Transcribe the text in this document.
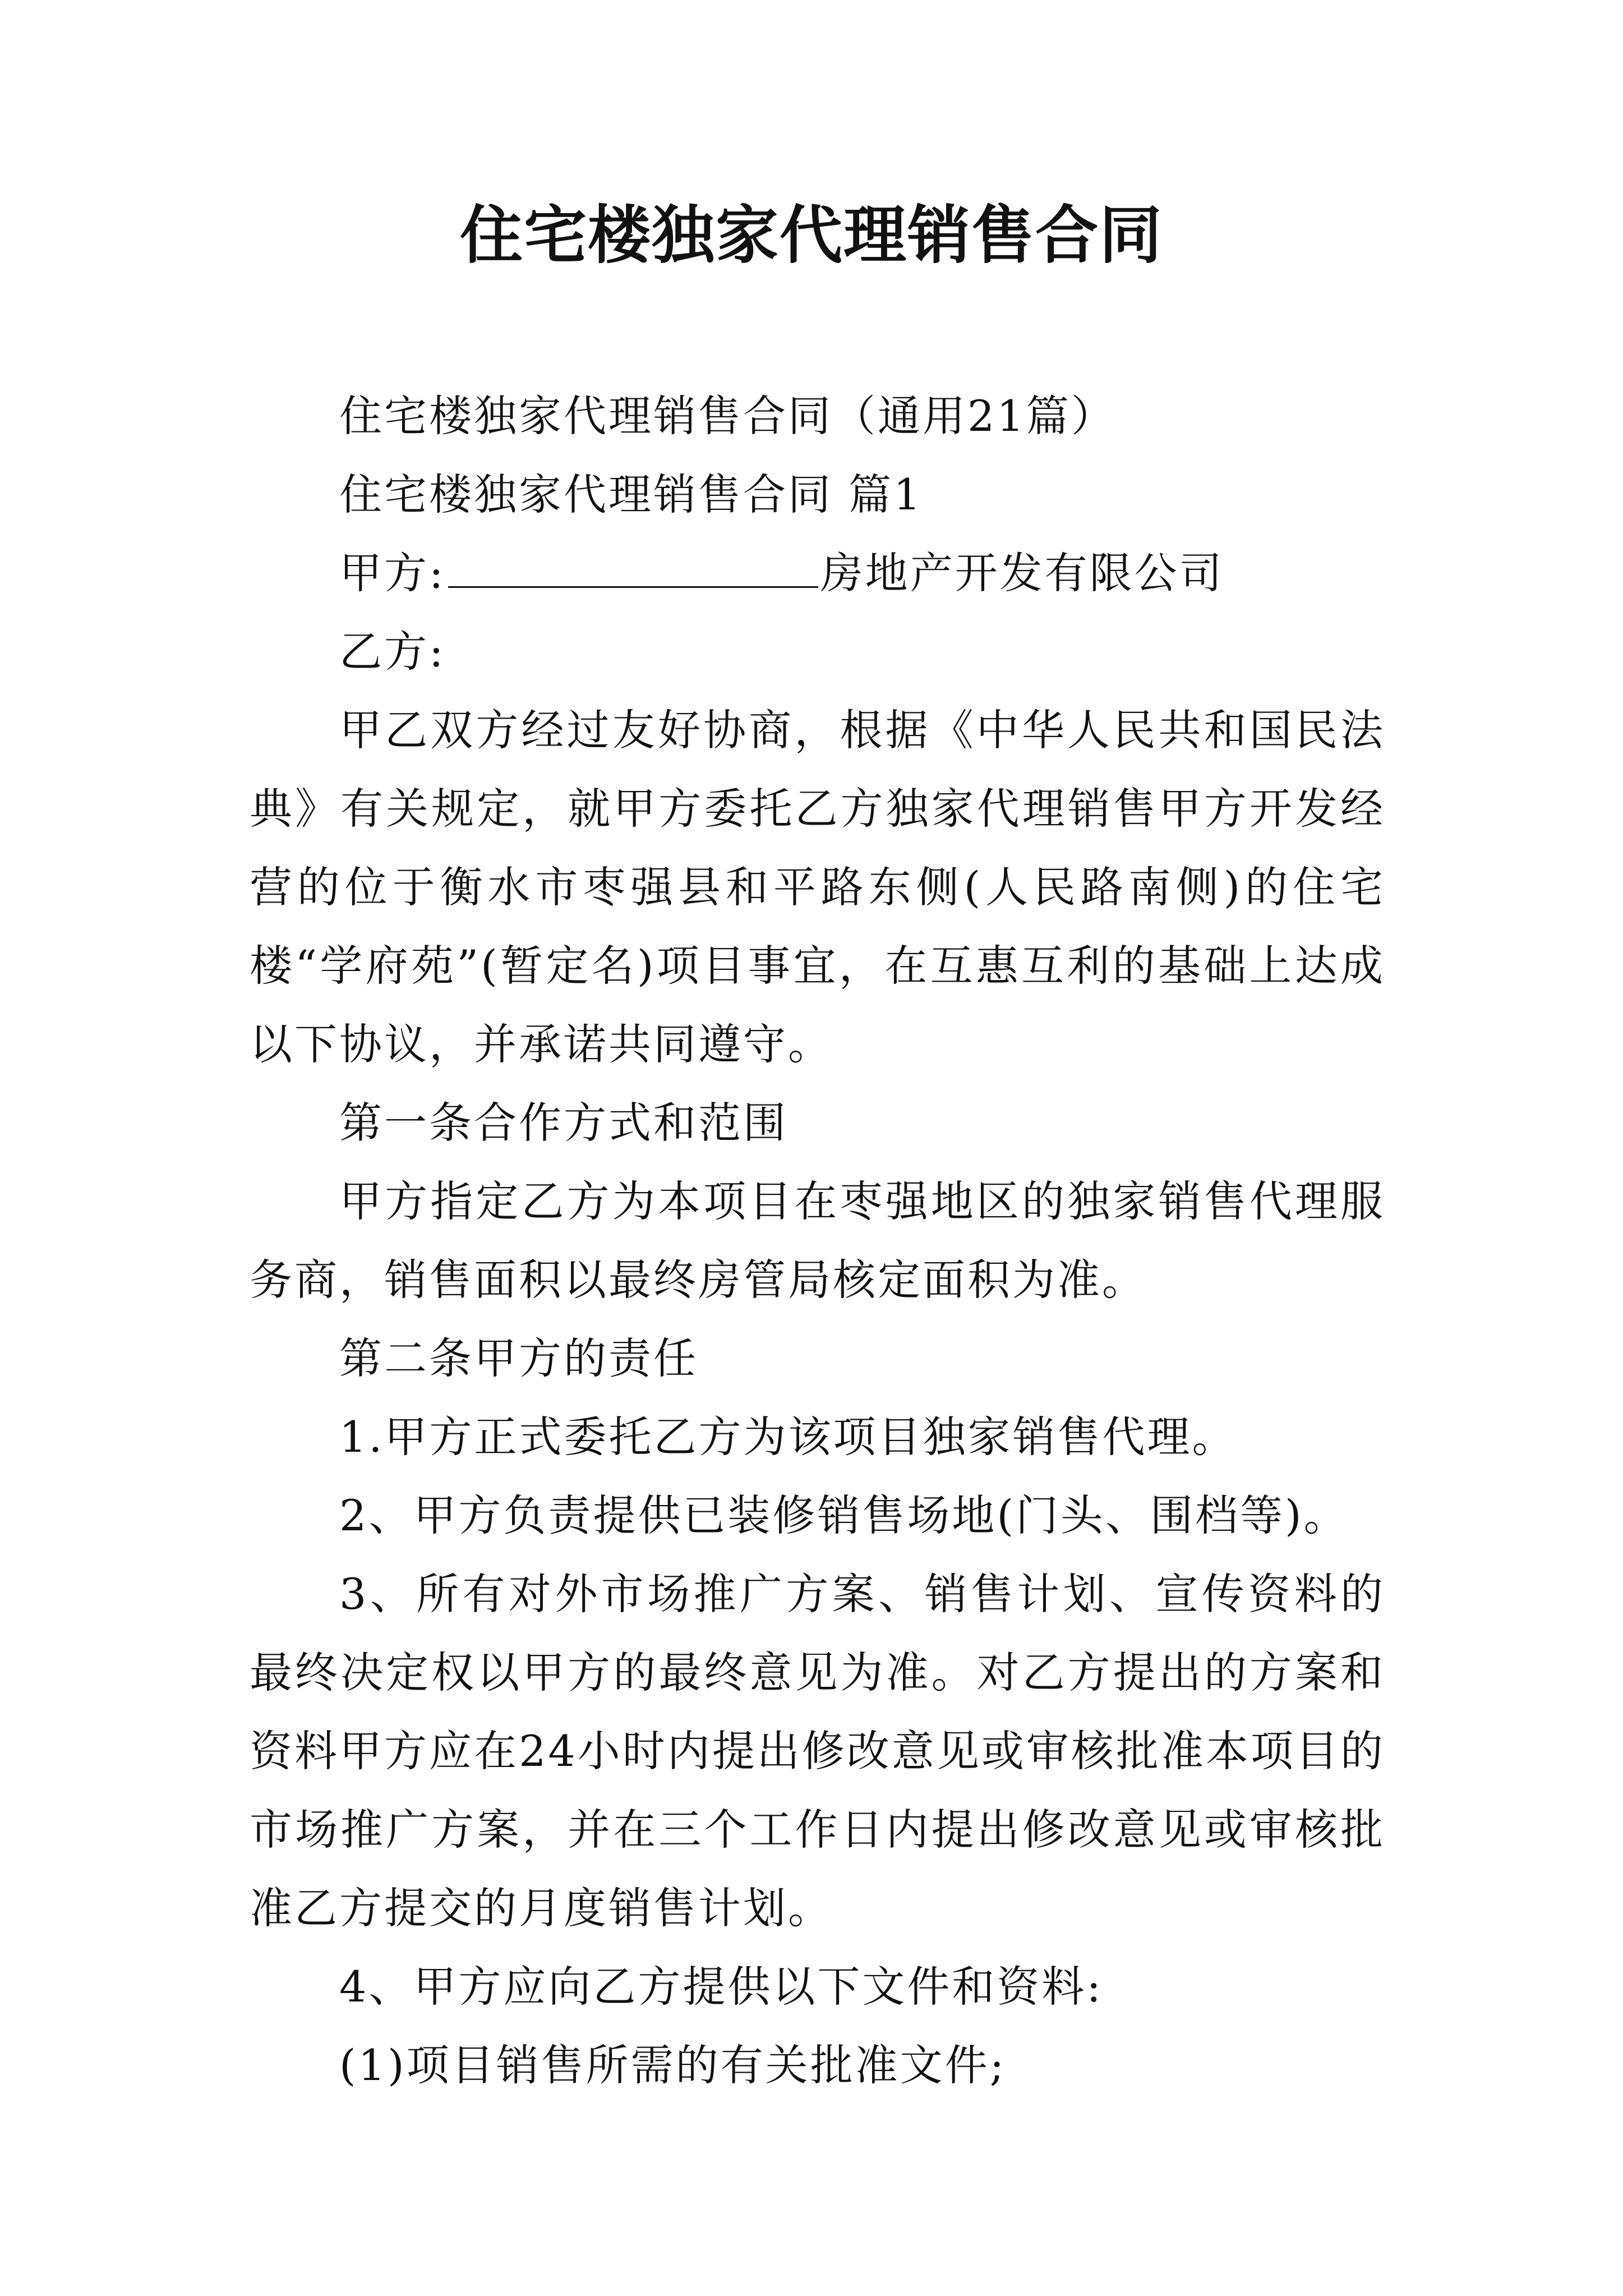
住宅楼独家代理销售合同

住宅楼独家代理销售合同（通用21篇）

住宅楼独家代理销售合同 篇1

甲方:	房地产开发有限公司

乙方:

甲乙双方经过友好协商，根据《中华人民共和国民法典》有关规定，就甲方委托乙方独家代理销售甲方开发经营的位于衡水市枣强县和平路东侧(人民路南侧)的住宅楼“学府苑”(暂定名)项目事宜，在互惠互利的基础上达成以下协议，并承诺共同遵守。

第一条合作方式和范围

甲方指定乙方为本项目在枣强地区的独家销售代理服务商，销售面积以最终房管局核定面积为准。

第二条甲方的责任

1.甲方正式委托乙方为该项目独家销售代理。

2、甲方负责提供已装修销售场地(门头、围档等)。

3、所有对外市场推广方案、销售计划、宣传资料的最终决定权以甲方的最终意见为准。对乙方提出的方案和资料甲方应在24小时内提出修改意见或审核批准本项目的市场推广方案，并在三个工作日内提出修改意见或审核批准乙方提交的月度销售计划。

4、甲方应向乙方提供以下文件和资料:

(1)项目销售所需的有关批准文件;
